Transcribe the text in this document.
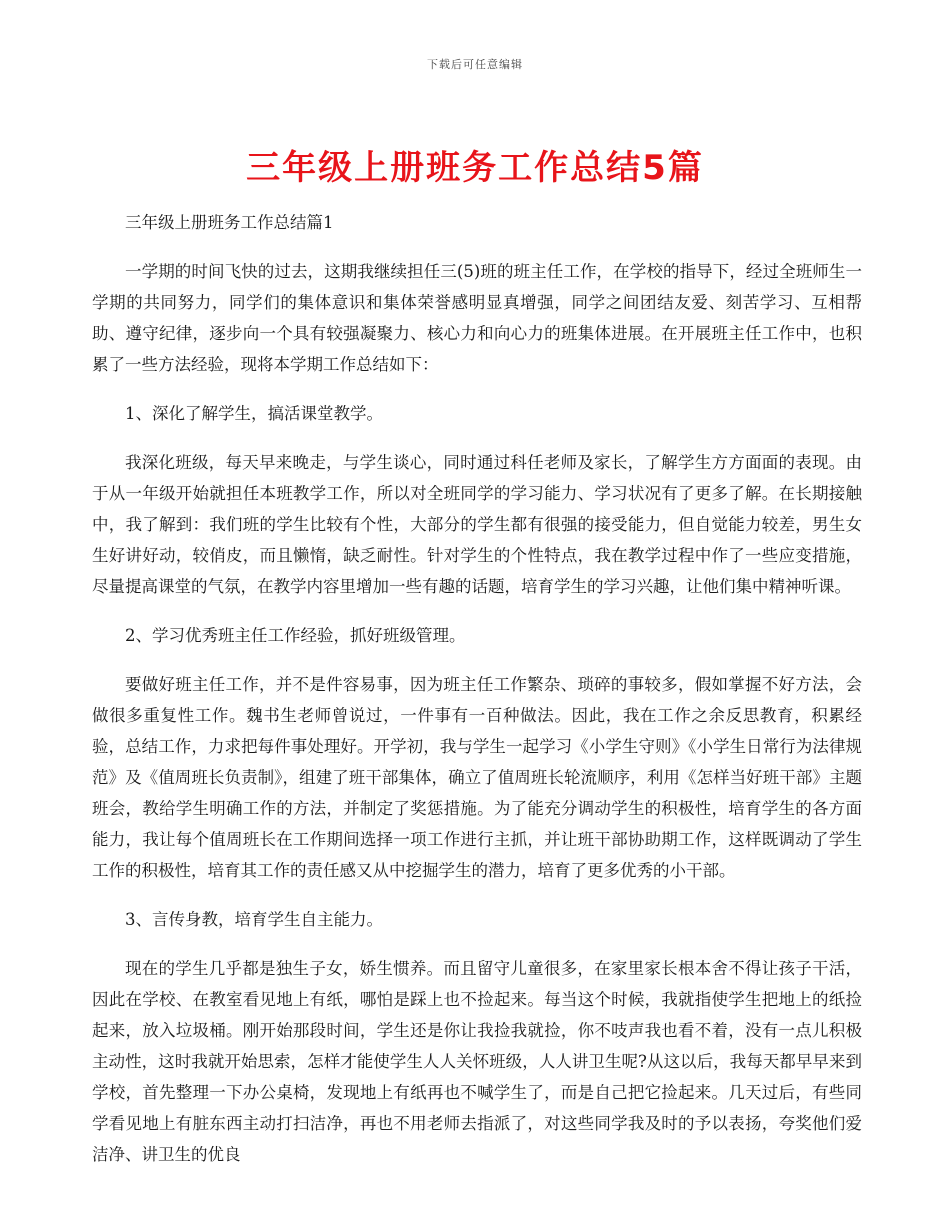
下载后可任意编辑
三年级上册班务工作总结5篇

三年级上册班务工作总结篇1

一学期的时间飞快的过去，这期我继续担任三(5)班的班主任工作，在学校的指导下，经过全班师生一学期的共同努力，同学们的集体意识和集体荣誉感明显真增强，同学之间团结友爱、刻苦学习、互相帮助、遵守纪律，逐步向一个具有较强凝聚力、核心力和向心力的班集体进展。在开展班主任工作中，也积累了一些方法经验，现将本学期工作总结如下：

1、深化了解学生，搞活课堂教学。

我深化班级，每天早来晚走，与学生谈心，同时通过科任老师及家长，了解学生方方面面的表现。由于从一年级开始就担任本班教学工作，所以对全班同学的学习能力、学习状况有了更多了解。在长期接触中，我了解到：我们班的学生比较有个性，大部分的学生都有很强的接受能力，但自觉能力较差，男生女生好讲好动，较俏皮，而且懒惰，缺乏耐性。针对学生的个性特点，我在教学过程中作了一些应变措施，尽量提高课堂的气氛，在教学内容里增加一些有趣的话题，培育学生的学习兴趣，让他们集中精神听课。

2、学习优秀班主任工作经验，抓好班级管理。

要做好班主任工作，并不是件容易事，因为班主任工作繁杂、琐碎的事较多，假如掌握不好方法，会做很多重复性工作。魏书生老师曾说过，一件事有一百种做法。因此，我在工作之余反思教育，积累经验，总结工作，力求把每件事处理好。开学初，我与学生一起学习《小学生守则》《小学生日常行为法律规范》及《值周班长负责制》，组建了班干部集体，确立了值周班长轮流顺序，利用《怎样当好班干部》主题班会，教给学生明确工作的方法，并制定了奖惩措施。为了能充分调动学生的积极性，培育学生的各方面能力，我让每个值周班长在工作期间选择一项工作进行主抓，并让班干部协助期工作，这样既调动了学生工作的积极性，培育其工作的责任感又从中挖掘学生的潜力，培育了更多优秀的小干部。

3、言传身教，培育学生自主能力。

现在的学生几乎都是独生子女，娇生惯养。而且留守儿童很多，在家里家长根本舍不得让孩子干活，因此在学校、在教室看见地上有纸，哪怕是踩上也不捡起来。每当这个时候，我就指使学生把地上的纸捡起来，放入垃圾桶。刚开始那段时间，学生还是你让我捡我就捡，你不吱声我也看不着，没有一点儿积极主动性，这时我就开始思索，怎样才能使学生人人关怀班级，人人讲卫生呢?从这以后，我每天都早早来到学校，首先整理一下办公桌椅，发现地上有纸再也不喊学生了，而是自己把它捡起来。几天过后，有些同学看见地上有脏东西主动打扫洁净，再也不用老师去指派了，对这些同学我及时的予以表扬，夸奖他们爱洁净、讲卫生的优良
